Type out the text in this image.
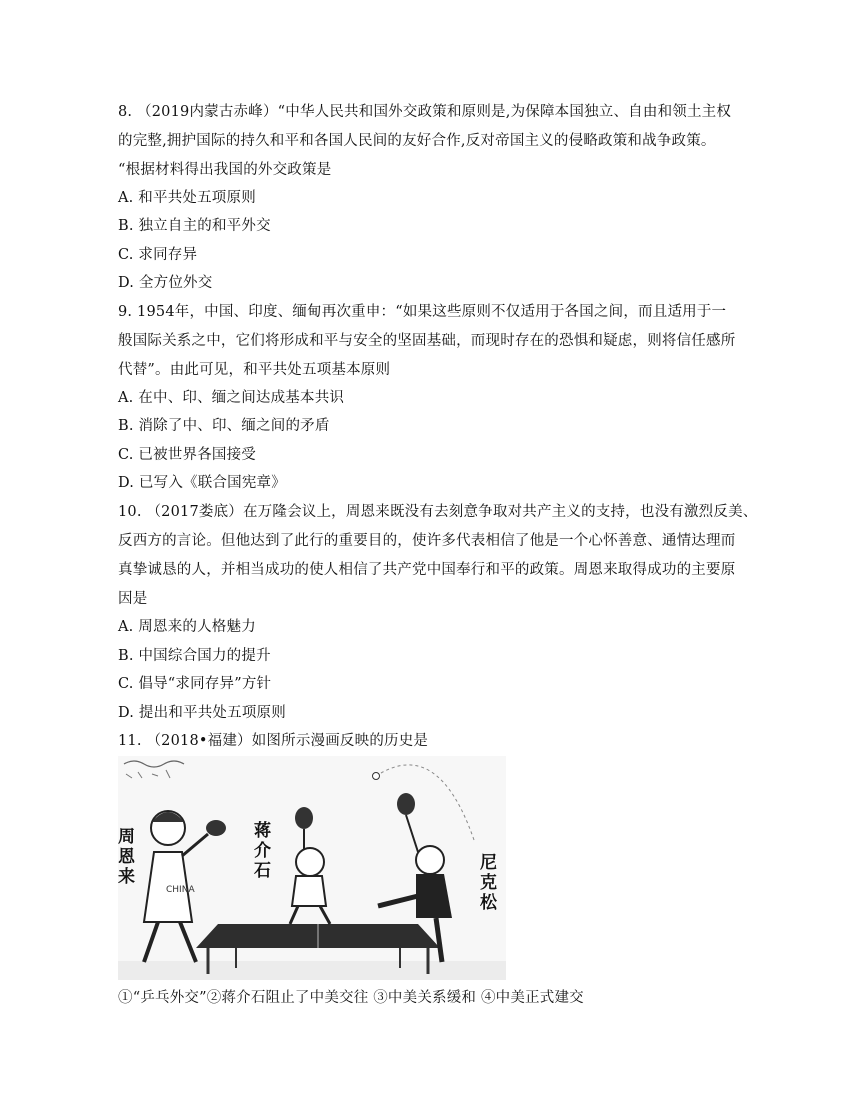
8. （2019内蒙古赤峰）“中华人民共和国外交政策和原则是,为保障本国独立、自由和领土主权
的完整,拥护国际的持久和平和各国人民间的友好合作,反对帝国主义的侵略政策和战争政策。
“根据材料得出我国的外交政策是
A. 和平共处五项原则
B. 独立自主的和平外交
C. 求同存异
D. 全方位外交
9. 1954年，中国、印度、缅甸再次重申：“如果这些原则不仅适用于各国之间，而且适用于一
般国际关系之中，它们将形成和平与安全的坚固基础，而现时存在的恐惧和疑虑，则将信任感所
代替”。由此可见，和平共处五项基本原则
A. 在中、印、缅之间达成基本共识
B. 消除了中、印、缅之间的矛盾
C. 已被世界各国接受
D. 已写入《联合国宪章》
10. （2017娄底）在万隆会议上，周恩来既没有去刻意争取对共产主义的支持，也没有激烈反美、
反西方的言论。但他达到了此行的重要目的，使许多代表相信了他是一个心怀善意、通情达理而
真挚诚恳的人，并相当成功的使人相信了共产党中国奉行和平的政策。周恩来取得成功的主要原
因是
A. 周恩来的人格魅力
B. 中国综合国力的提升
C. 倡导“求同存异”方针
D. 提出和平共处五项原则
11. （2018•福建）如图所示漫画反映的历史是
CHINA
周
恩
来
蒋
介
石	尼
克
松
①“乒乓外交”②蒋介石阻止了中美交往 ③中美关系缓和 ④中美正式建交
